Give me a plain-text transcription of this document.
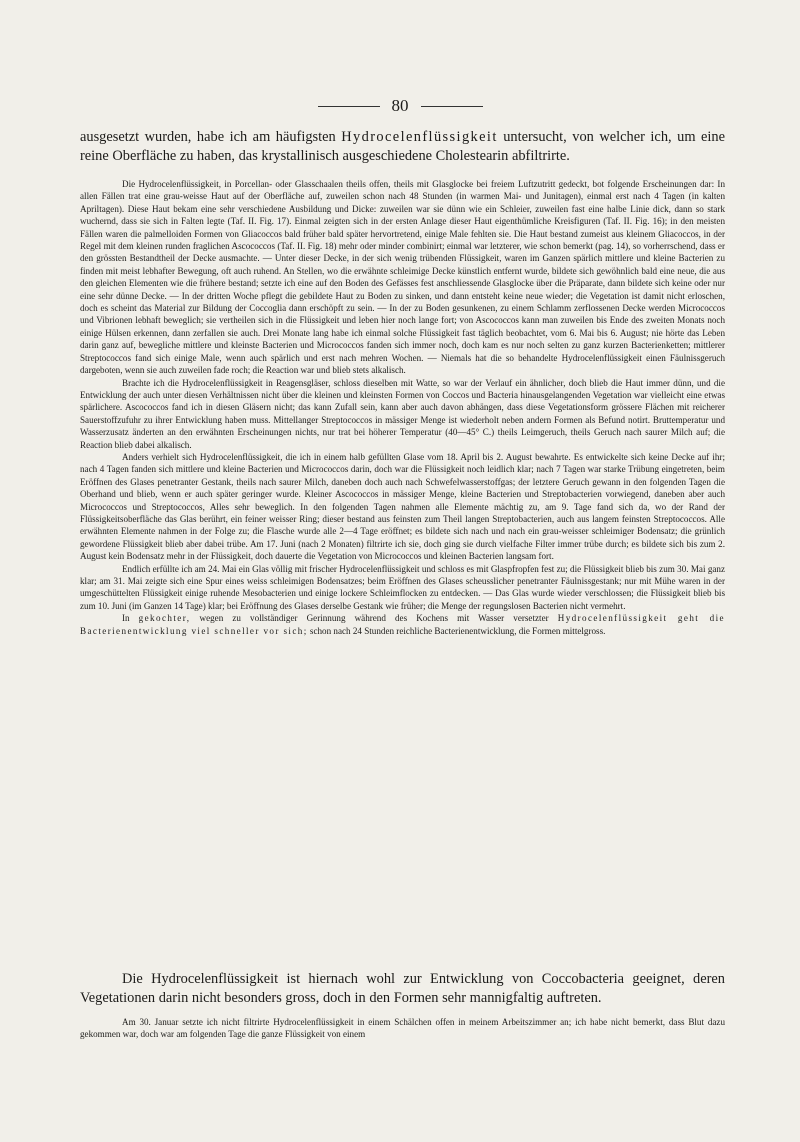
80

ausgesetzt wurden, habe ich am häufigsten Hydrocelenflüssigkeit untersucht, von welcher ich, um eine reine Oberfläche zu haben, das krystallinisch ausgeschiedene Cholestearin abfiltrirte.

Die Hydrocelenflüssigkeit, in Porcellan- oder Glasschaalen theils offen, theils mit Glasglocke bei freiem Luftzutritt gedeckt, bot folgende Erscheinungen dar: In allen Fällen trat eine grau-weisse Haut auf der Oberfläche auf, zuweilen schon nach 48 Stunden (in warmen Mai- und Junitagen), einmal erst nach 4 Tagen (in kalten Apriltagen). Diese Haut bekam eine sehr verschiedene Ausbildung und Dicke: zuweilen war sie dünn wie ein Schleier, zuweilen fast eine halbe Linie dick, dann so stark wuchernd, dass sie sich in Falten legte (Taf. II. Fig. 17). Einmal zeigten sich in der ersten Anlage dieser Haut eigenthümliche Kreisfiguren (Taf. II. Fig. 16); in den meisten Fällen waren die palmelloiden Formen von Gliacoccos bald früher bald später hervortretend, einige Male fehlten sie. Die Haut bestand zumeist aus kleinem Gliacoccos, in der Regel mit dem kleinen runden fraglichen Ascococcos (Taf. II. Fig. 18) mehr oder minder combinirt; einmal war letzterer, wie schon bemerkt (pag. 14), so vorherrschend, dass er den grössten Bestandtheil der Decke ausmachte. — Unter dieser Decke, in der sich wenig trübenden Flüssigkeit, waren im Ganzen spärlich mittlere und kleine Bacterien zu finden mit meist lebhafter Bewegung, oft auch ruhend. An Stellen, wo die erwähnte schleimige Decke künstlich entfernt wurde, bildete sich gewöhnlich bald eine neue, die aus den gleichen Elementen wie die frühere bestand; setzte ich eine auf den Boden des Gefässes fest anschliessende Glasglocke über die Präparate, dann bildete sich keine oder nur eine sehr dünne Decke. — In der dritten Woche pflegt die gebildete Haut zu Boden zu sinken, und dann entsteht keine neue wieder; die Vegetation ist damit nicht erloschen, doch es scheint das Material zur Bildung der Coccoglia dann erschöpft zu sein. — In der zu Boden gesunkenen, zu einem Schlamm zerflossenen Decke werden Micrococcos und Vibrionen lebhaft beweglich; sie vertheilen sich in die Flüssigkeit und leben hier noch lange fort; von Ascococcos kann man zuweilen bis Ende des zweiten Monats noch einige Hülsen erkennen, dann zerfallen sie auch. Drei Monate lang habe ich einmal solche Flüssigkeit fast täglich beobachtet, vom 6. Mai bis 6. August; nie hörte das Leben darin ganz auf, bewegliche mittlere und kleinste Bacterien und Micrococcos fanden sich immer noch, doch kam es nur noch selten zu ganz kurzen Bacterienketten; mittlerer Streptococcos fand sich einige Male, wenn auch spärlich und erst nach mehren Wochen. — Niemals hat die so behandelte Hydrocelenflüssigkeit einen Fäulnissgeruch dargeboten, wenn sie auch zuweilen fade roch; die Reaction war und blieb stets alkalisch.

Brachte ich die Hydrocelenflüssigkeit in Reagensgläser, schloss dieselben mit Watte, so war der Verlauf ein ähnlicher, doch blieb die Haut immer dünn, und die Entwicklung der auch unter diesen Verhältnissen nicht über die kleinen und kleinsten Formen von Coccos und Bacteria hinausgelangenden Vegetation war vielleicht eine etwas spärlichere. Ascococcos fand ich in diesen Gläsern nicht; das kann Zufall sein, kann aber auch davon abhängen, dass diese Vegetationsform grössere Flächen mit reicherer Sauerstoffzufuhr zu ihrer Entwicklung haben muss. Mittellanger Streptococcos in mässiger Menge ist wiederholt neben andern Formen als Befund notirt. Bruttemperatur und Wasserzusatz änderten an den erwähnten Erscheinungen nichts, nur trat bei höherer Temperatur (40—45° C.) theils Leimgeruch, theils Geruch nach saurer Milch auf; die Reaction blieb dabei alkalisch.

Anders verhielt sich Hydrocelenflüssigkeit, die ich in einem halb gefüllten Glase vom 18. April bis 2. August bewahrte. Es entwickelte sich keine Decke auf ihr; nach 4 Tagen fanden sich mittlere und kleine Bacterien und Micrococcos darin, doch war die Flüssigkeit noch leidlich klar; nach 7 Tagen war starke Trübung eingetreten, beim Eröffnen des Glases penetranter Gestank, theils nach saurer Milch, daneben doch auch nach Schwefelwasserstoffgas; der letztere Geruch gewann in den folgenden Tagen die Oberhand und blieb, wenn er auch später geringer wurde. Kleiner Ascococcos in mässiger Menge, kleine Bacterien und Streptobacterien vorwiegend, daneben aber auch Micrococcos und Streptococcos, Alles sehr beweglich. In den folgenden Tagen nahmen alle Elemente mächtig zu, am 9. Tage fand sich da, wo der Rand der Flüssigkeitsoberfläche das Glas berührt, ein feiner weisser Ring; dieser bestand aus feinsten zum Theil langen Streptobacterien, auch aus langem feinsten Streptococcos. Alle erwähnten Elemente nahmen in der Folge zu; die Flasche wurde alle 2—4 Tage eröffnet; es bildete sich nach und nach ein grau-weisser schleimiger Bodensatz; die grünlich gewordene Flüssigkeit blieb aber dabei trübe. Am 17. Juni (nach 2 Monaten) filtrirte ich sie, doch ging sie durch vielfache Filter immer trübe durch; es bildete sich bis zum 2. August kein Bodensatz mehr in der Flüssigkeit, doch dauerte die Vegetation von Micrococcos und kleinen Bacterien langsam fort.

Endlich erfüllte ich am 24. Mai ein Glas völlig mit frischer Hydrocelenflüssigkeit und schloss es mit Glaspfropfen fest zu; die Flüssigkeit blieb bis zum 30. Mai ganz klar; am 31. Mai zeigte sich eine Spur eines weiss schleimigen Bodensatzes; beim Eröffnen des Glases scheusslicher penetranter Fäulnissgestank; nur mit Mühe waren in der umgeschüttelten Flüssigkeit einige ruhende Mesobacterien und einige lockere Schleimflocken zu entdecken. — Das Glas wurde wieder verschlossen; die Flüssigkeit blieb bis zum 10. Juni (im Ganzen 14 Tage) klar; bei Eröffnung des Glases derselbe Gestank wie früher; die Menge der regungslosen Bacterien nicht vermehrt.

In gekochter, wegen zu vollständiger Gerinnung während des Kochens mit Wasser versetzter Hydrocelenflüssigkeit geht die Bacterienentwicklung viel schneller vor sich; schon nach 24 Stunden reichliche Bacterienentwicklung, die Formen mittelgross.

Die Hydrocelenflüssigkeit ist hiernach wohl zur Entwicklung von Coccobacteria geeignet, deren Vegetationen darin nicht besonders gross, doch in den Formen sehr mannigfaltig auftreten.

Am 30. Januar setzte ich nicht filtrirte Hydrocelenflüssigkeit in einem Schälchen offen in meinem Arbeitszimmer an; ich habe nicht bemerkt, dass Blut dazu gekommen war, doch war am folgenden Tage die ganze Flüssigkeit von einem
